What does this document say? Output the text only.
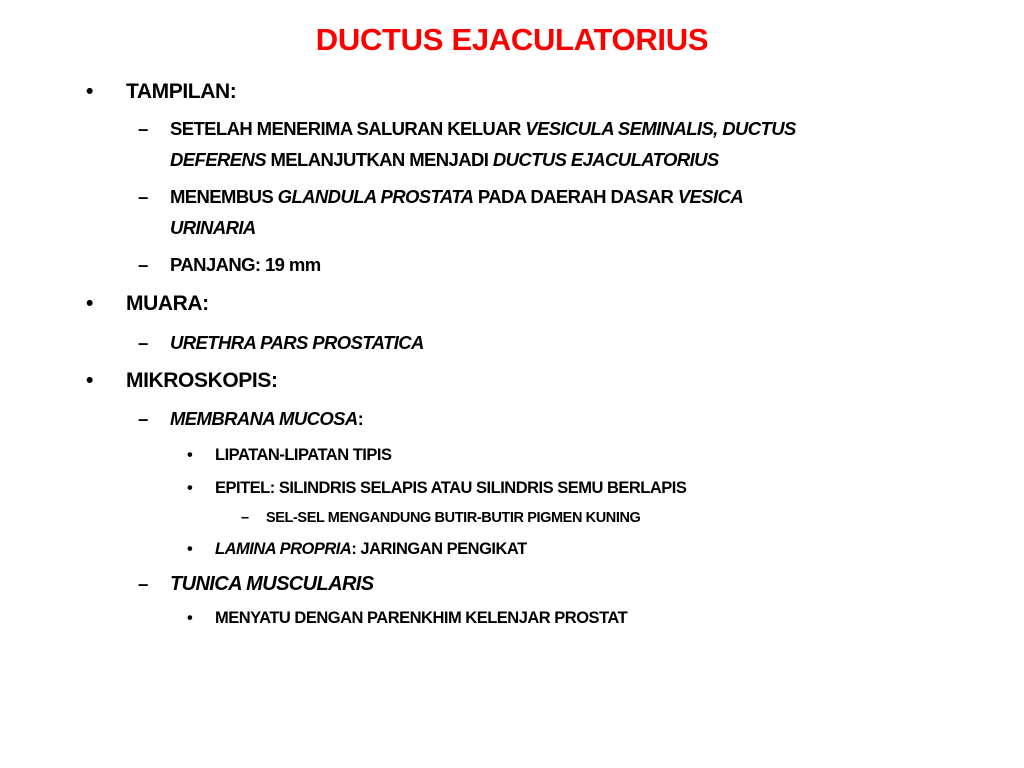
DUCTUS EJACULATORIUS
• TAMPILAN:
– SETELAH MENERIMA SALURAN KELUAR VESICULA SEMINALIS, DUCTUS
DEFERENS MELANJUTKAN MENJADI DUCTUS EJACULATORIUS
– MENEMBUS GLANDULA PROSTATA PADA DAERAH DASAR VESICA
URINARIA
– PANJANG: 19 mm
• MUARA:
– URETHRA PARS PROSTATICA
• MIKROSKOPIS:
– MEMBRANA MUCOSA:
• LIPATAN-LIPATAN TIPIS
• EPITEL: SILINDRIS SELAPIS ATAU SILINDRIS SEMU BERLAPIS
– SEL-SEL MENGANDUNG BUTIR-BUTIR PIGMEN KUNING
• LAMINA PROPRIA: JARINGAN PENGIKAT
– TUNICA MUSCULARIS
• MENYATU DENGAN PARENKHIM KELENJAR PROSTAT
